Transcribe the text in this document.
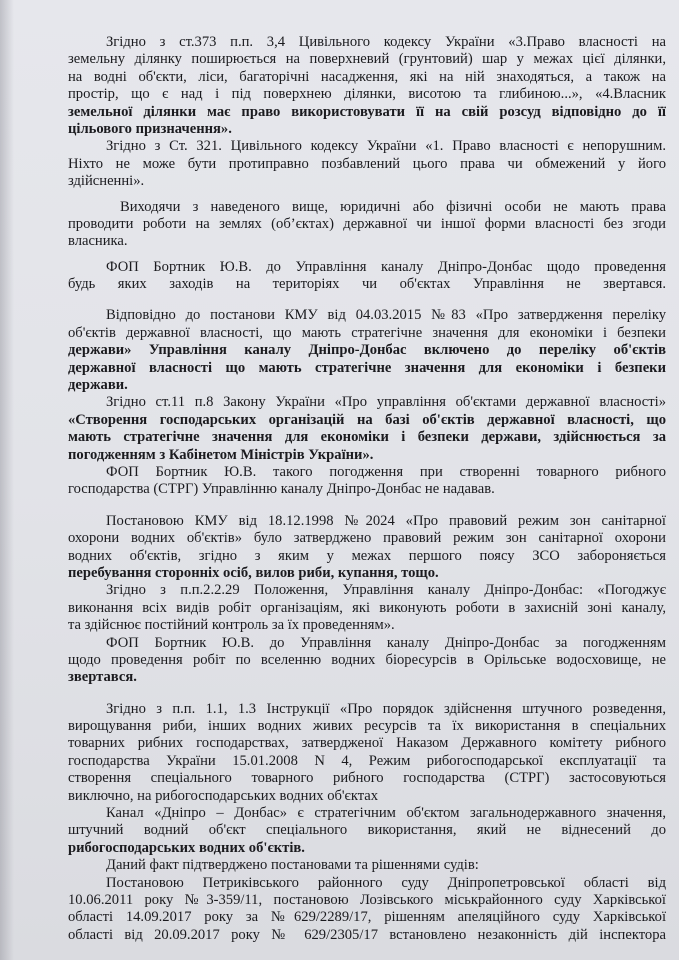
Згідно з ст.373 п.п. 3,4 Цивільного кодексу України «3.Право власності на
земельну ділянку поширюється на поверхневий (грунтовий) шар у межах цієї ділянки,
на водні об'єкти, ліси, багаторічні насадження, які на ній знаходяться, а також на
простір, що є над і під поверхнею ділянки, висотою та глибиною...», «4.Власник
земельної ділянки має право використовувати її на свій розсуд відповідно до її
цільового призначення».
Згідно з Ст. 321. Цивільного кодексу України «1. Право власності є непорушним.
Ніхто не може бути протиправно позбавлений цього права чи обмежений у його
здійсненні».
Виходячи з наведеного вище, юридичні або фізичні особи не мають права
проводити роботи на землях (об’єктах) державної чи іншої форми власності без згоди
власника.
ФОП Бортник Ю.В. до Управління каналу Дніпро-Донбас щодо проведення
будь яких заходів на територіях чи об'єктах Управління не звертався.
Відповідно до постанови КМУ від 04.03.2015 №83 «Про затвердження переліку
об'єктів державної власності, що мають стратегічне значення для економіки і безпеки
держави» Управління каналу Дніпро-Донбас включено до переліку об'єктів
державної власності що мають стратегічне значення для економіки і безпеки
держави.
Згідно ст.11 п.8 Закону України «Про управління об'єктами державної власності»
«Створення господарських організацій на базі об'єктів державної власності, що
мають стратегічне значення для економіки і безпеки держави, здійснюється за
погодженням з Кабінетом Міністрів України».
ФОП Бортник Ю.В. такого погодження при створенні товарного рибного
господарства (СТРГ) Управлінню каналу Дніпро-Донбас не надавав.
Постановою КМУ від 18.12.1998 №2024 «Про правовий режим зон санітарної
охорони водних об'єктів» було затверджено правовий режим зон санітарної охорони
водних об'єктів, згідно з яким у межах першого поясу ЗСО забороняється
перебування сторонніх осіб, вилов риби, купання, тощо.
Згідно з п.п.2.2.29 Положення, Управління каналу Дніпро-Донбас: «Погоджує
виконання всіх видів робіт організаціям, які виконують роботи в захисній зоні каналу,
та здійснює постійний контроль за їх проведенням».
ФОП Бортник Ю.В. до Управління каналу Дніпро-Донбас за погодженням
щодо проведення робіт по вселенню водних біоресурсів в Орільське водосховище, не
звертався.
Згідно з п.п. 1.1, 1.3 Інструкції «Про порядок здійснення штучного розведення,
вирощування риби, інших водних живих ресурсів та їх використання в спеціальних
товарних рибних господарствах, затвердженої Наказом Державного комітету рибного
господарства України 15.01.2008 N 4, Режим рибогосподарської експлуатації та
створення спеціального товарного рибного господарства (СТРГ) застосовуються
виключно, на рибогосподарських водних об'єктах
Канал «Дніпро – Донбас» є стратегічним об'єктом загальнодержавного значення,
штучний водний об'єкт спеціального використання, який не віднесений до
рибогосподарських водних об'єктів.
Даний факт підтверджено постановами та рішеннями судів:
Постановою Петриківського районного суду Дніпропетровської області від
10.06.2011 року №3-359/11, постановою Лозівського міськрайонного суду Харківської
області 14.09.2017 року за №629/2289/17, рішенням апеляційного суду Харківської
області від 20.09.2017 року № 629/2305/17 встановлено незаконність дій інспектора
